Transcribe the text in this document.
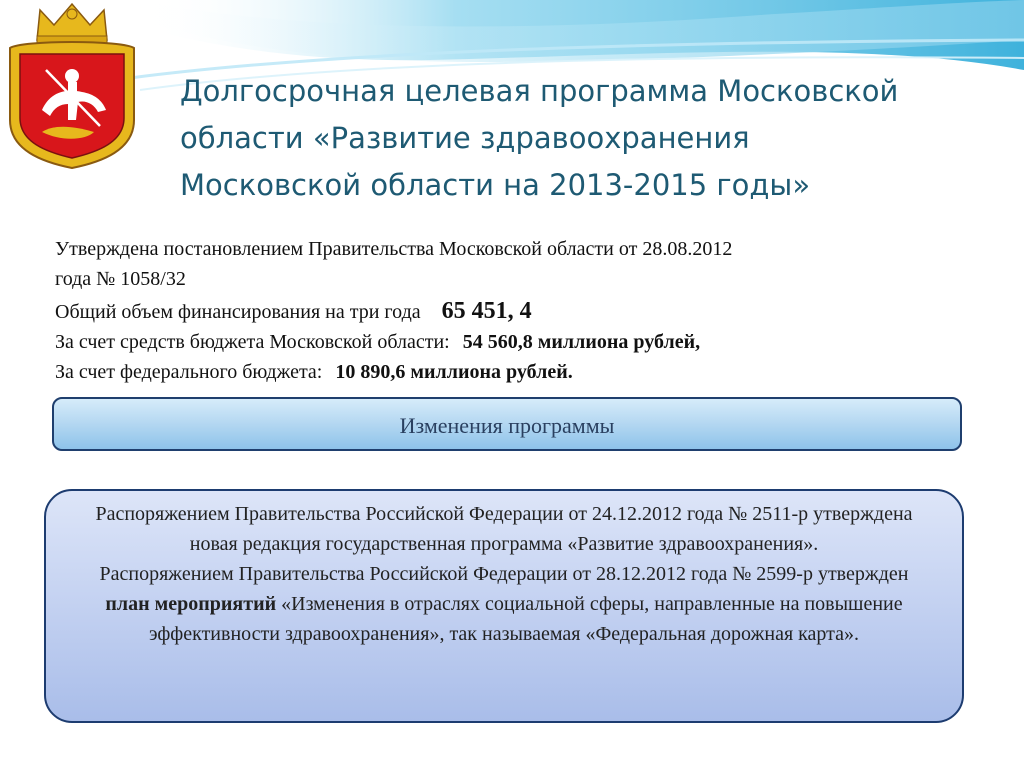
Долгосрочная целевая программа Московской
области «Развитие здравоохранения
Московской области на 2013-2015 годы»

Утверждена постановлением Правительства Московской области от 28.08.2012

года № 1058/32

Общий объем финансирования на три года 65 451, 4

За счет средств бюджета Московской области: 54 560,8 миллиона рублей,

За счет федерального бюджета: 10 890,6 миллиона рублей.

Изменения программы

Распоряжением Правительства Российской Федерации от 24.12.2012 года № 2511-р утверждена новая редакция государственная программа «Развитие здравоохранения».

Распоряжением Правительства Российской Федерации от 28.12.2012 года № 2599-р утвержден план мероприятий «Изменения в отраслях социальной сферы, направленные на повышение эффективности здравоохранения», так называемая «Федеральная дорожная карта».
